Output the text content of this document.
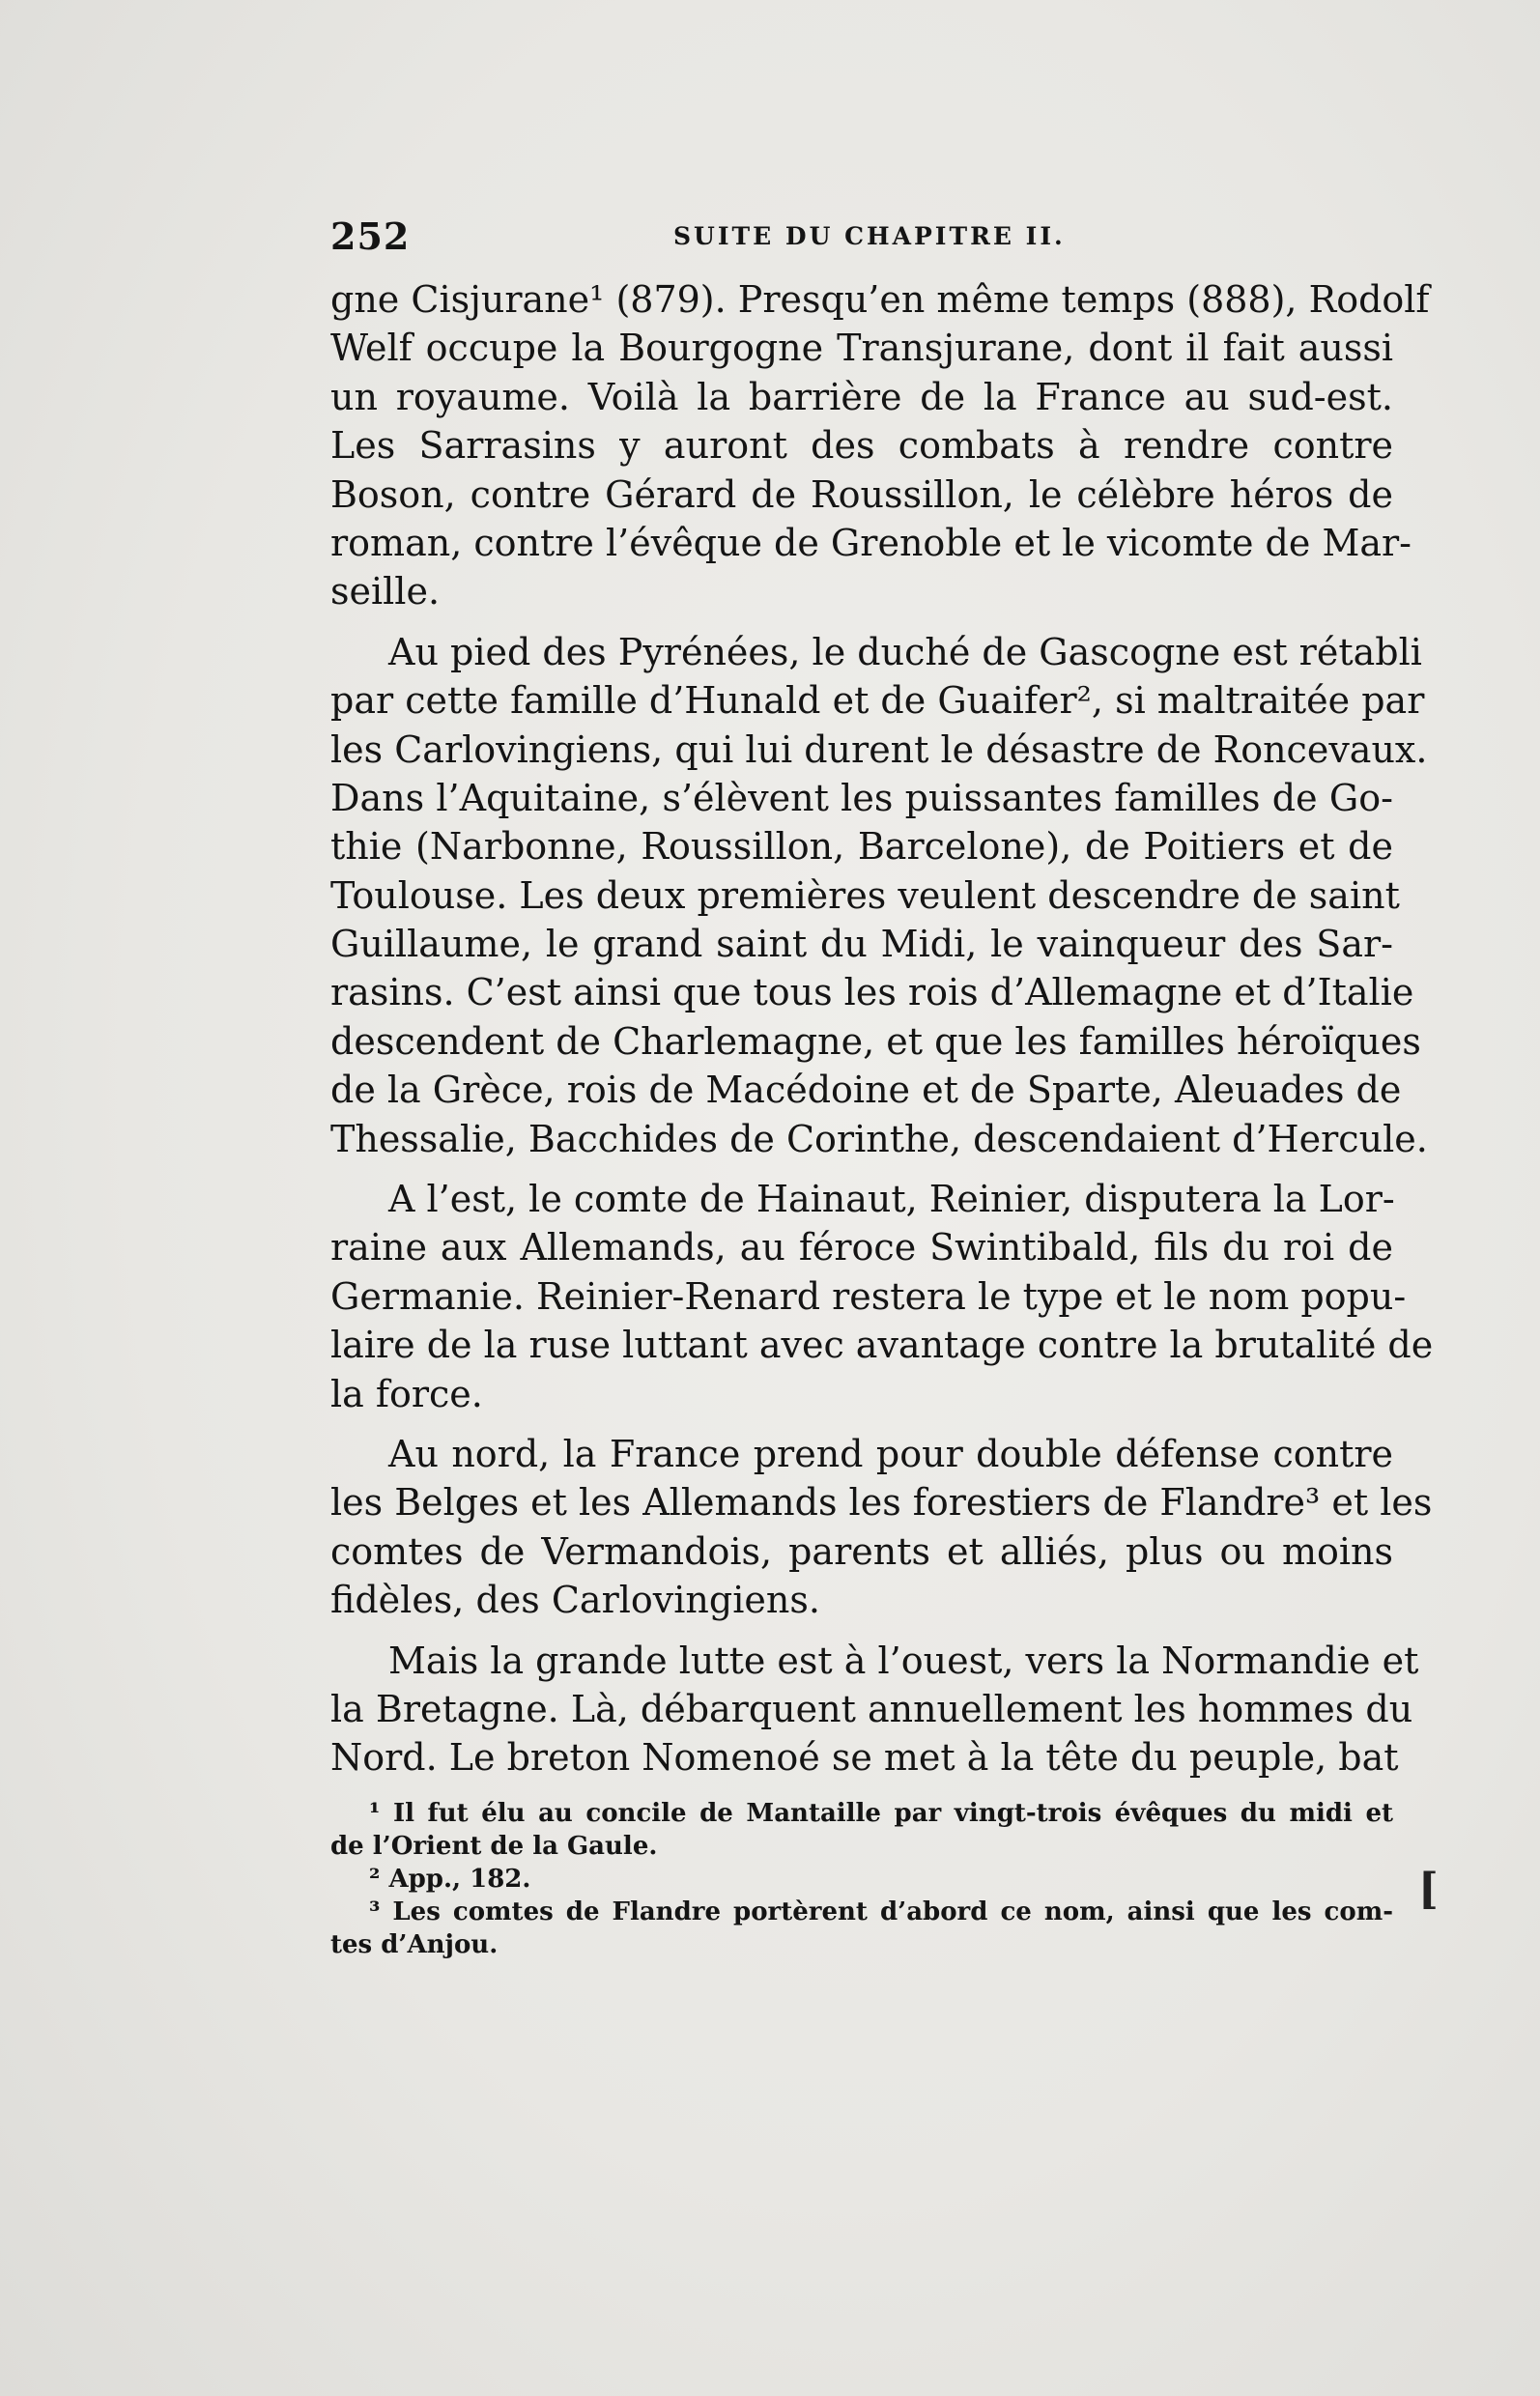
252	SUITE DU CHAPITRE II.
gne Cisjurane¹ (879). Presqu’en même temps (888), Rodolf
Welf occupe la Bourgogne Transjurane, dont il fait aussi
un royaume. Voilà la barrière de la France au sud-est.
Les Sarrasins y auront des combats à rendre contre
Boson, contre Gérard de Roussillon, le célèbre héros de
roman, contre l’évêque de Grenoble et le vicomte de Mar-
seille.
Au pied des Pyrénées, le duché de Gascogne est rétabli
par cette famille d’Hunald et de Guaifer², si maltraitée par
les Carlovingiens, qui lui durent le désastre de Roncevaux.
Dans l’Aquitaine, s’élèvent les puissantes familles de Go-
thie (Narbonne, Roussillon, Barcelone), de Poitiers et de
Toulouse. Les deux premières veulent descendre de saint
Guillaume, le grand saint du Midi, le vainqueur des Sar-
rasins. C’est ainsi que tous les rois d’Allemagne et d’Italie
descendent de Charlemagne, et que les familles héroïques
de la Grèce, rois de Macédoine et de Sparte, Aleuades de
Thessalie, Bacchides de Corinthe, descendaient d’Hercule.
A l’est, le comte de Hainaut, Reinier, disputera la Lor-
raine aux Allemands, au féroce Swintibald, fils du roi de
Germanie. Reinier-Renard restera le type et le nom popu-
laire de la ruse luttant avec avantage contre la brutalité de
la force.
Au nord, la France prend pour double défense contre
les Belges et les Allemands les forestiers de Flandre³ et les
comtes de Vermandois, parents et alliés, plus ou moins
fidèles, des Carlovingiens.
Mais la grande lutte est à l’ouest, vers la Normandie et
la Bretagne. Là, débarquent annuellement les hommes du
Nord. Le breton Nomenoé se met à la tête du peuple, bat
¹ Il fut élu au concile de Mantaille par vingt-trois évêques du midi et
de l’Orient de la Gaule.
² App., 182.
³ Les comtes de Flandre portèrent d’abord ce nom, ainsi que les com-
tes d’Anjou.
[
